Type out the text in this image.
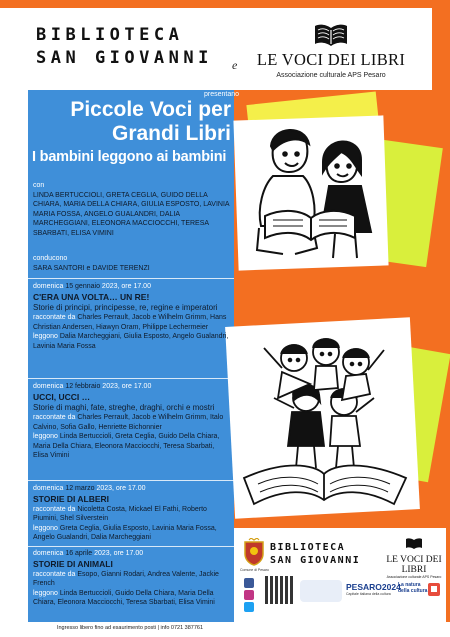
BIBLIOTECA
SAN GIOVANNI e	LE VOCI DEI LIBRI
Associazione culturale APS Pesaro
presentano
Piccole Voci per
Grandi Libri
I bambini leggono ai bambini
con
LINDA BERTUCCIOLI, GRETA CEGLIA, GUIDO DELLA CHIARA, MARIA DELLA CHIARA, GIULIA ESPOSTO, LAVINIA MARIA FOSSA, ANGELO GUALANDRI, DALIA MARCHEGGIANI, ELEONORA MACCIOCCHI, TERESA SBARBATI, ELISA VIMINI
conducono
SARA SANTORI e DAVIDE TERENZI
domenica 15 gennaio 2023, ore 17.00
C'ERA UNA VOLTA… UN RE!
Storie di principi, principesse, re, regine e imperatori
raccontate da Charles Perrault, Jacob e Wilhelm Grimm, Hans Christian Andersen, Hiawyn Oram, Philippe Lechermeier
leggono Dalia Marcheggiani, Giulia Esposto, Angelo Gualandri, Lavinia Maria Fossa
domenica 12 febbraio 2023, ore 17.00
UCCI, UCCI …
Storie di maghi, fate, streghe, draghi, orchi e mostri
raccontate da Charles Perrault, Jacob e Wilhelm Grimm, Italo Calvino, Sofia Gallo, Henriette Bichonnier
leggono Linda Bertuccioli, Greta Ceglia, Guido Della Chiara, Maria Della Chiara, Eleonora Macciocchi, Teresa Sbarbati, Elisa Vimini
domenica 12 marzo 2023, ore 17.00
STORIE DI ALBERI
raccontate da Nicoletta Costa, Mickael El Fathi, Roberto Piumini, Shel Silverstein
leggono Greta Ceglia, Giulia Esposto, Lavinia Maria Fossa, Angelo Gualandri, Dalia Marcheggiani
domenica 16 aprile 2023, ore 17.00
STORIE DI ANIMALI
raccontate da Esopo, Gianni Rodari, Andrea Valente, Jackie French
leggono Linda Bertuccioli, Guido Della Chiara, Maria Della Chiara, Eleonora Macciocchi, Teresa Sbarbati, Elisa Vimini
Comune di Pesaro
BIBLIOTECA
SAN GIOVANNI	LE VOCI DEI LIBRI
Associazione culturale APS Pesaro
PESARO2024
Capitale italiana della cultura
La natura
della cultura
Ingresso libero fino ad esaurimento posti | info 0721 387761
